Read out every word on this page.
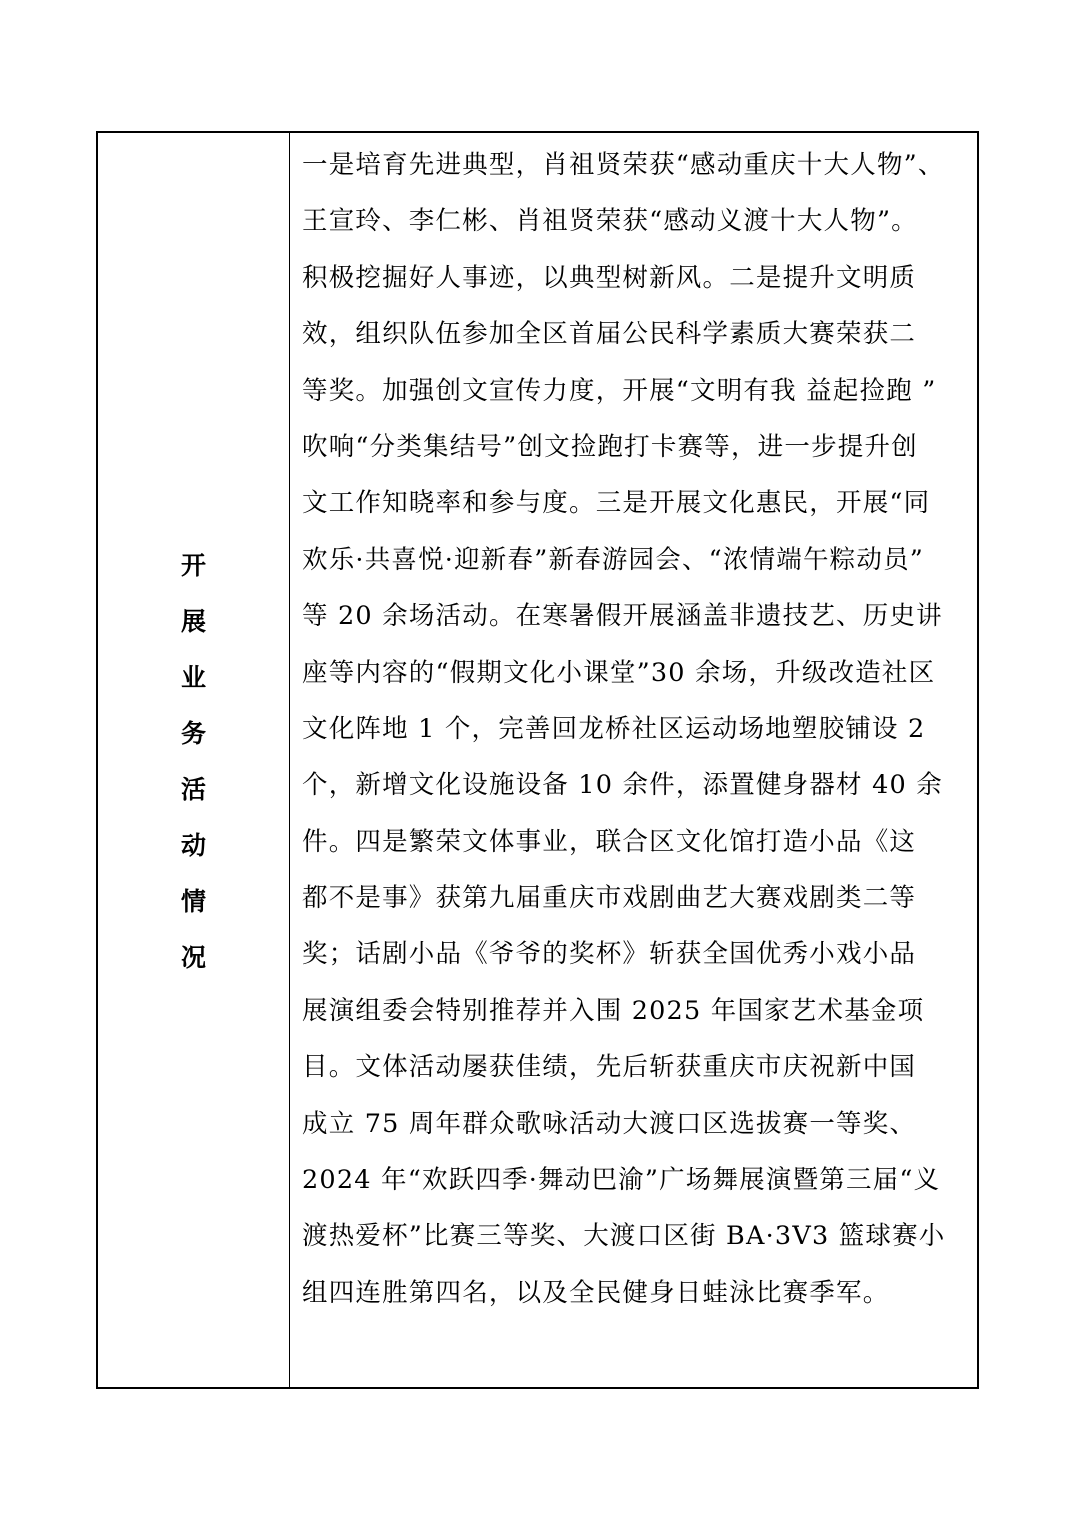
开
展
业
务
活
动
情
况
一是培育先进典型，肖祖贤荣获“感动重庆十大人物”、
王宣玲、李仁彬、肖祖贤荣获“感动义渡十大人物”。
积极挖掘好人事迹，以典型树新风。二是提升文明质
效，组织队伍参加全区首届公民科学素质大赛荣获二
等奖。加强创文宣传力度，开展“文明有我 益起捡跑 ”
吹响“分类集结号”创文捡跑打卡赛等，进一步提升创
文工作知晓率和参与度。三是开展文化惠民，开展“同
欢乐·共喜悦·迎新春”新春游园会、“浓情端午粽动员”
等 20 余场活动。在寒暑假开展涵盖非遗技艺、历史讲
座等内容的“假期文化小课堂”30 余场，升级改造社区
文化阵地 1 个，完善回龙桥社区运动场地塑胶铺设 2
个，新增文化设施设备 10 余件，添置健身器材 40 余
件。四是繁荣文体事业，联合区文化馆打造小品《这
都不是事》获第九届重庆市戏剧曲艺大赛戏剧类二等
奖；话剧小品《爷爷的奖杯》斩获全国优秀小戏小品
展演组委会特别推荐并入围 2025 年国家艺术基金项
目。文体活动屡获佳绩，先后斩获重庆市庆祝新中国
成立 75 周年群众歌咏活动大渡口区选拔赛一等奖、
2024 年“欢跃四季·舞动巴渝”广场舞展演暨第三届“义
渡热爱杯”比赛三等奖、大渡口区街 BA·3V3 篮球赛小
组四连胜第四名，以及全民健身日蛙泳比赛季军。
